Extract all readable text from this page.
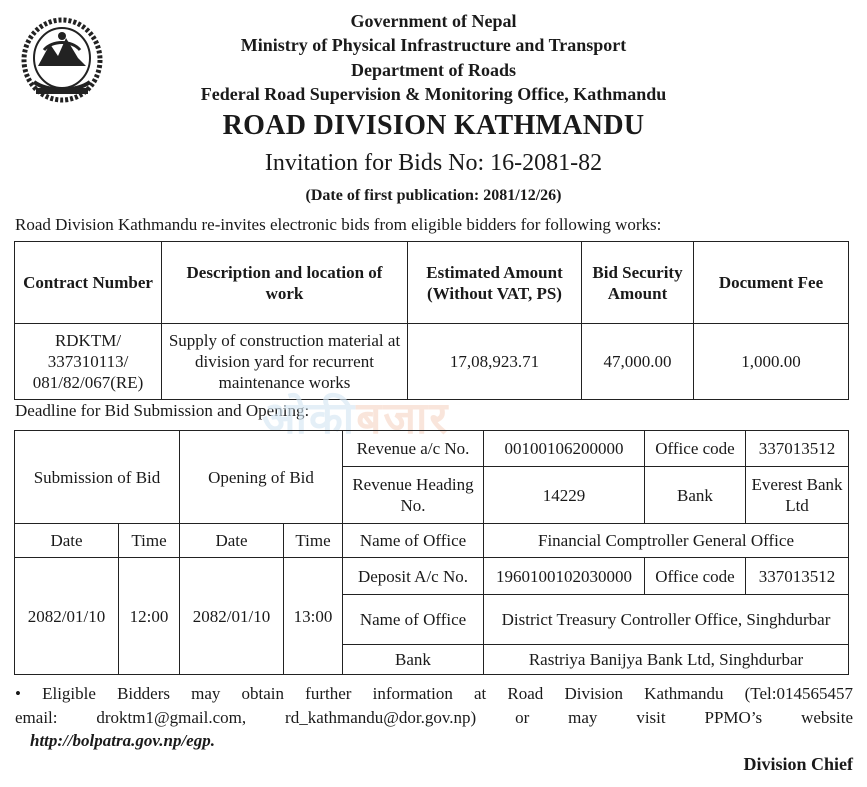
Government of Nepal
Ministry of Physical Infrastructure and Transport
Department of Roads
Federal Road Supervision & Monitoring Office, Kathmandu
ROAD DIVISION KATHMANDU
Invitation for Bids No: 16-2081-82
(Date of first publication: 2081/12/26)
Road Division Kathmandu re-invites electronic bids from eligible bidders for following works:
Contract Number	Description and location of work	Estimated Amount (Without VAT, PS)	Bid Security Amount	Document Fee
RDKTM/ 337310113/ 081/82/067(RE)	Supply of construction material at division yard for recurrent maintenance works	17,08,923.71	47,000.00	1,000.00
Deadline for Bid Submission and Opening:
ओकीबजार
Submission of Bid		Opening of Bid		Revenue a/c No.	00100106200000	Office code	337013512
				Revenue Heading No.	14229	Bank	Everest Bank Ltd
Date	Time	Date	Time	Name of Office	Financial Comptroller General Office		
2082/01/10	12:00	2082/01/10	13:00	Deposit A/c No.	1960100102030000	Office code	337013512
				Name of Office	District Treasury Controller Office, Singhdurbar		
				Bank	Rastriya Banijya Bank Ltd, Singhdurbar		
• Eligible Bidders may obtain further information at Road Division Kathmandu (Tel:014565457
email: droktm1@gmail.com, rd_kathmandu@dor.gov.np) or may visit PPMO’s website
http://bolpatra.gov.np/egp.
Division Chief
